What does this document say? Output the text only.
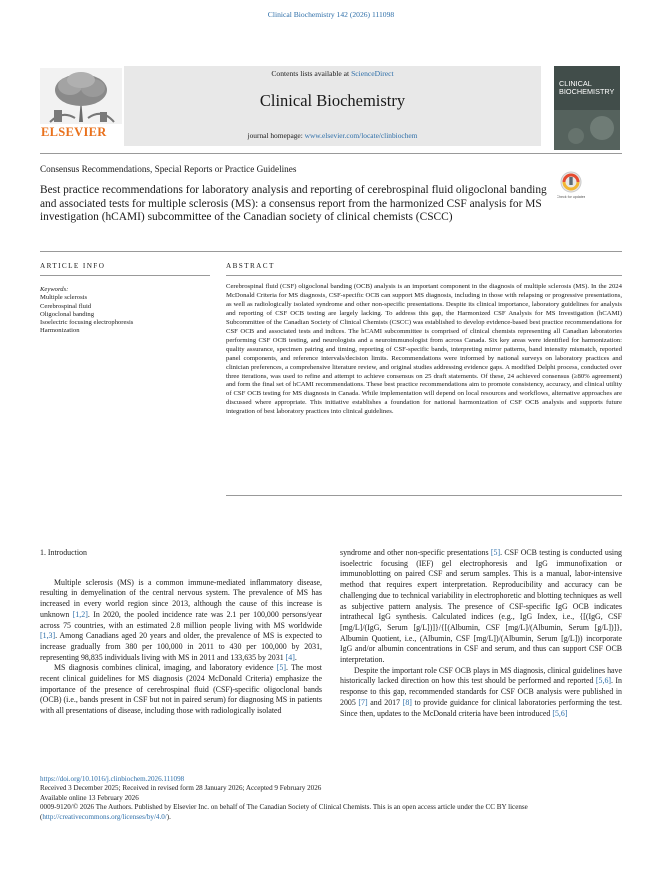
Clinical Biochemistry 142 (2026) 111098
ELSEVIER
Contents lists available at ScienceDirect
Clinical Biochemistry
journal homepage: www.elsevier.com/locate/clinbiochem
CLINICAL BIOCHEMISTRY
Consensus Recommendations, Special Reports or Practice Guidelines
Best practice recommendations for laboratory analysis and reporting of cerebrospinal fluid oligoclonal banding and associated tests for multiple sclerosis (MS): a consensus report from the harmonized CSF analysis for MS investigation (hCAMI) subcommittee of the Canadian society of clinical chemists (CSCC)
Check for updates
ARTICLE INFO
Keywords:
Multiple sclerosis
Cerebrospinal fluid
Oligoclonal banding
Isoelectric focusing electrophoresis
Harmonization
ABSTRACT
Cerebrospinal fluid (CSF) oligoclonal banding (OCB) analysis is an important component in the diagnosis of multiple sclerosis (MS). In the 2024 McDonald Criteria for MS diagnosis, CSF-specific OCB can support MS diagnosis, including in those with relapsing or progressive presentations, as well as radiologically isolated syndrome and other non-specific presentations. Despite its clinical importance, laboratory guidelines for analysis and reporting of CSF OCB testing are largely lacking. To address this gap, the Harmonized CSF Analysis for MS Investigation (hCAMI) Subcommittee of the Canadian Society of Clinical Chemists (CSCC) was established to develop evidence-based best practice recommendations for CSF OCB and associated tests and indices. The hCAMI subcommittee is comprised of clinical chemists representing all Canadian laboratories performing CSF OCB testing, and neurologists and a neuroimmunologist from across Canada. Six key areas were identified for harmonization: quality assurance, specimen pairing and timing, reporting of CSF-specific bands, interpreting mirror patterns, band intensity mismatch, reported panel components, and reference intervals/decision limits. Recommendations were informed by national surveys on laboratory practices and clinician preferences, a comprehensive literature review, and original studies addressing evidence gaps. A modified Delphi process, conducted over three iterations, was used to refine and attempt to achieve consensus on 25 draft statements. Of these, 24 achieved consensus (≥80% agreement) and form the final set of hCAMI recommendations. These best practice recommendations aim to promote consistency, accuracy, and clinical utility of CSF OCB testing for MS diagnosis in Canada. While implementation will depend on local resources and workflows, alternative approaches are discussed where appropriate. This initiative establishes a foundation for national harmonization of CSF OCB analysis and supports future integration of best laboratory practices into clinical guidelines.

1. Introduction

Multiple sclerosis (MS) is a common immune-mediated inflammatory disease, resulting in demyelination of the central nervous system. The prevalence of MS has increased in every world region since 2013, although the cause of this increase is unknown [1,2]. In 2020, the pooled incidence rate was 2.1 per 100,000 persons/year across 75 countries, with an estimated 2.8 million people living with MS worldwide [1,3]. Among Canadians aged 20 years and older, the prevalence of MS is expected to increase gradually from 380 per 100,000 in 2011 to 430 per 100,000 by 2031, representing 98,835 individuals living with MS in 2011 and 133,635 by 2031 [4].

MS diagnosis combines clinical, imaging, and laboratory evidence [5]. The most recent clinical guidelines for MS diagnosis (2024 McDonald Criteria) emphasize the importance of the presence of cerebrospinal fluid (CSF)-specific oligoclonal bands (OCB) (i.e., bands present in CSF but not in paired serum) for diagnosing MS in patients with all presentations of disease, including those with radiologically isolated

syndrome and other non-specific presentations [5]. CSF OCB testing is conducted using isoelectric focusing (IEF) gel electrophoresis and IgG immunofixation or immunoblotting on paired CSF and serum samples. This is a manual, labor-intensive method that requires expert interpretation. Reproducibility and accuracy can be challenging due to technical variability in electrophoretic and blotting techniques as well as subjective pattern analysis. The presence of CSF-specific IgG OCB indicates intrathecal IgG synthesis. Calculated indices (e.g., IgG Index, i.e., {[(IgG, CSF [mg/L]/(IgG, Serum [g/L])]}/{[(Albumin, CSF [mg/L]/(Albumin, Serum [g/L])]}, Albumin Quotient, i.e., (Albumin, CSF [mg/L])/(Albumin, Serum [g/L])) incorporate IgG and/or albumin concentrations in CSF and serum, and thus can support CSF OCB interpretation.

Despite the important role CSF OCB plays in MS diagnosis, clinical guidelines have historically lacked direction on how this test should be performed and reported [5,6]. In response to this gap, recommended standards for CSF OCB analysis were published in 2005 [7] and 2017 [8] to provide guidance for clinical laboratories performing the test. Since then, updates to the McDonald criteria have been introduced [5,6]

https://doi.org/10.1016/j.clinbiochem.2026.111098
Received 3 December 2025; Received in revised form 28 January 2026; Accepted 9 February 2026
Available online 13 February 2026
0009-9120/© 2026 The Authors. Published by Elsevier Inc. on behalf of The Canadian Society of Clinical Chemists. This is an open access article under the CC BY license (http://creativecommons.org/licenses/by/4.0/).
